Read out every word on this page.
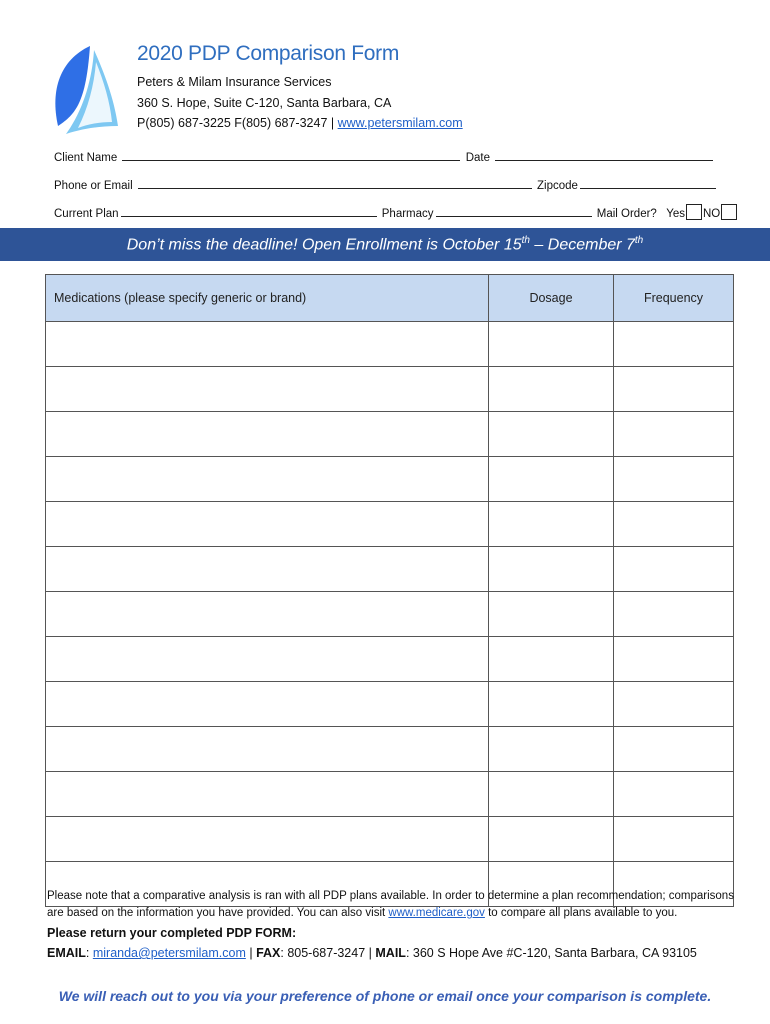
2020 PDP Comparison Form
Peters & Milam Insurance Services
360 S. Hope, Suite C-120, Santa Barbara, CA
P(805) 687-3225 F(805) 687-3247 | www.petersmilam.com
Client Name	Date
Phone or Email	Zipcode
Current Plan	Pharmacy	Mail Order? Yes NO
Don’t miss the deadline! Open Enrollment is October 15th – December 7th
Medications (please specify generic or brand)	Dosage	Frequency

Please note that a comparative analysis is ran with all PDP plans available. In order to determine a plan recommendation; comparisons are based on the information you have provided. You can also visit www.medicare.gov to compare all plans available to you.
Please return your completed PDP FORM:
EMAIL: miranda@petersmilam.com | FAX: 805-687-3247 | MAIL: 360 S Hope Ave #C-120, Santa Barbara, CA 93105
We will reach out to you via your preference of phone or email once your comparison is complete.
